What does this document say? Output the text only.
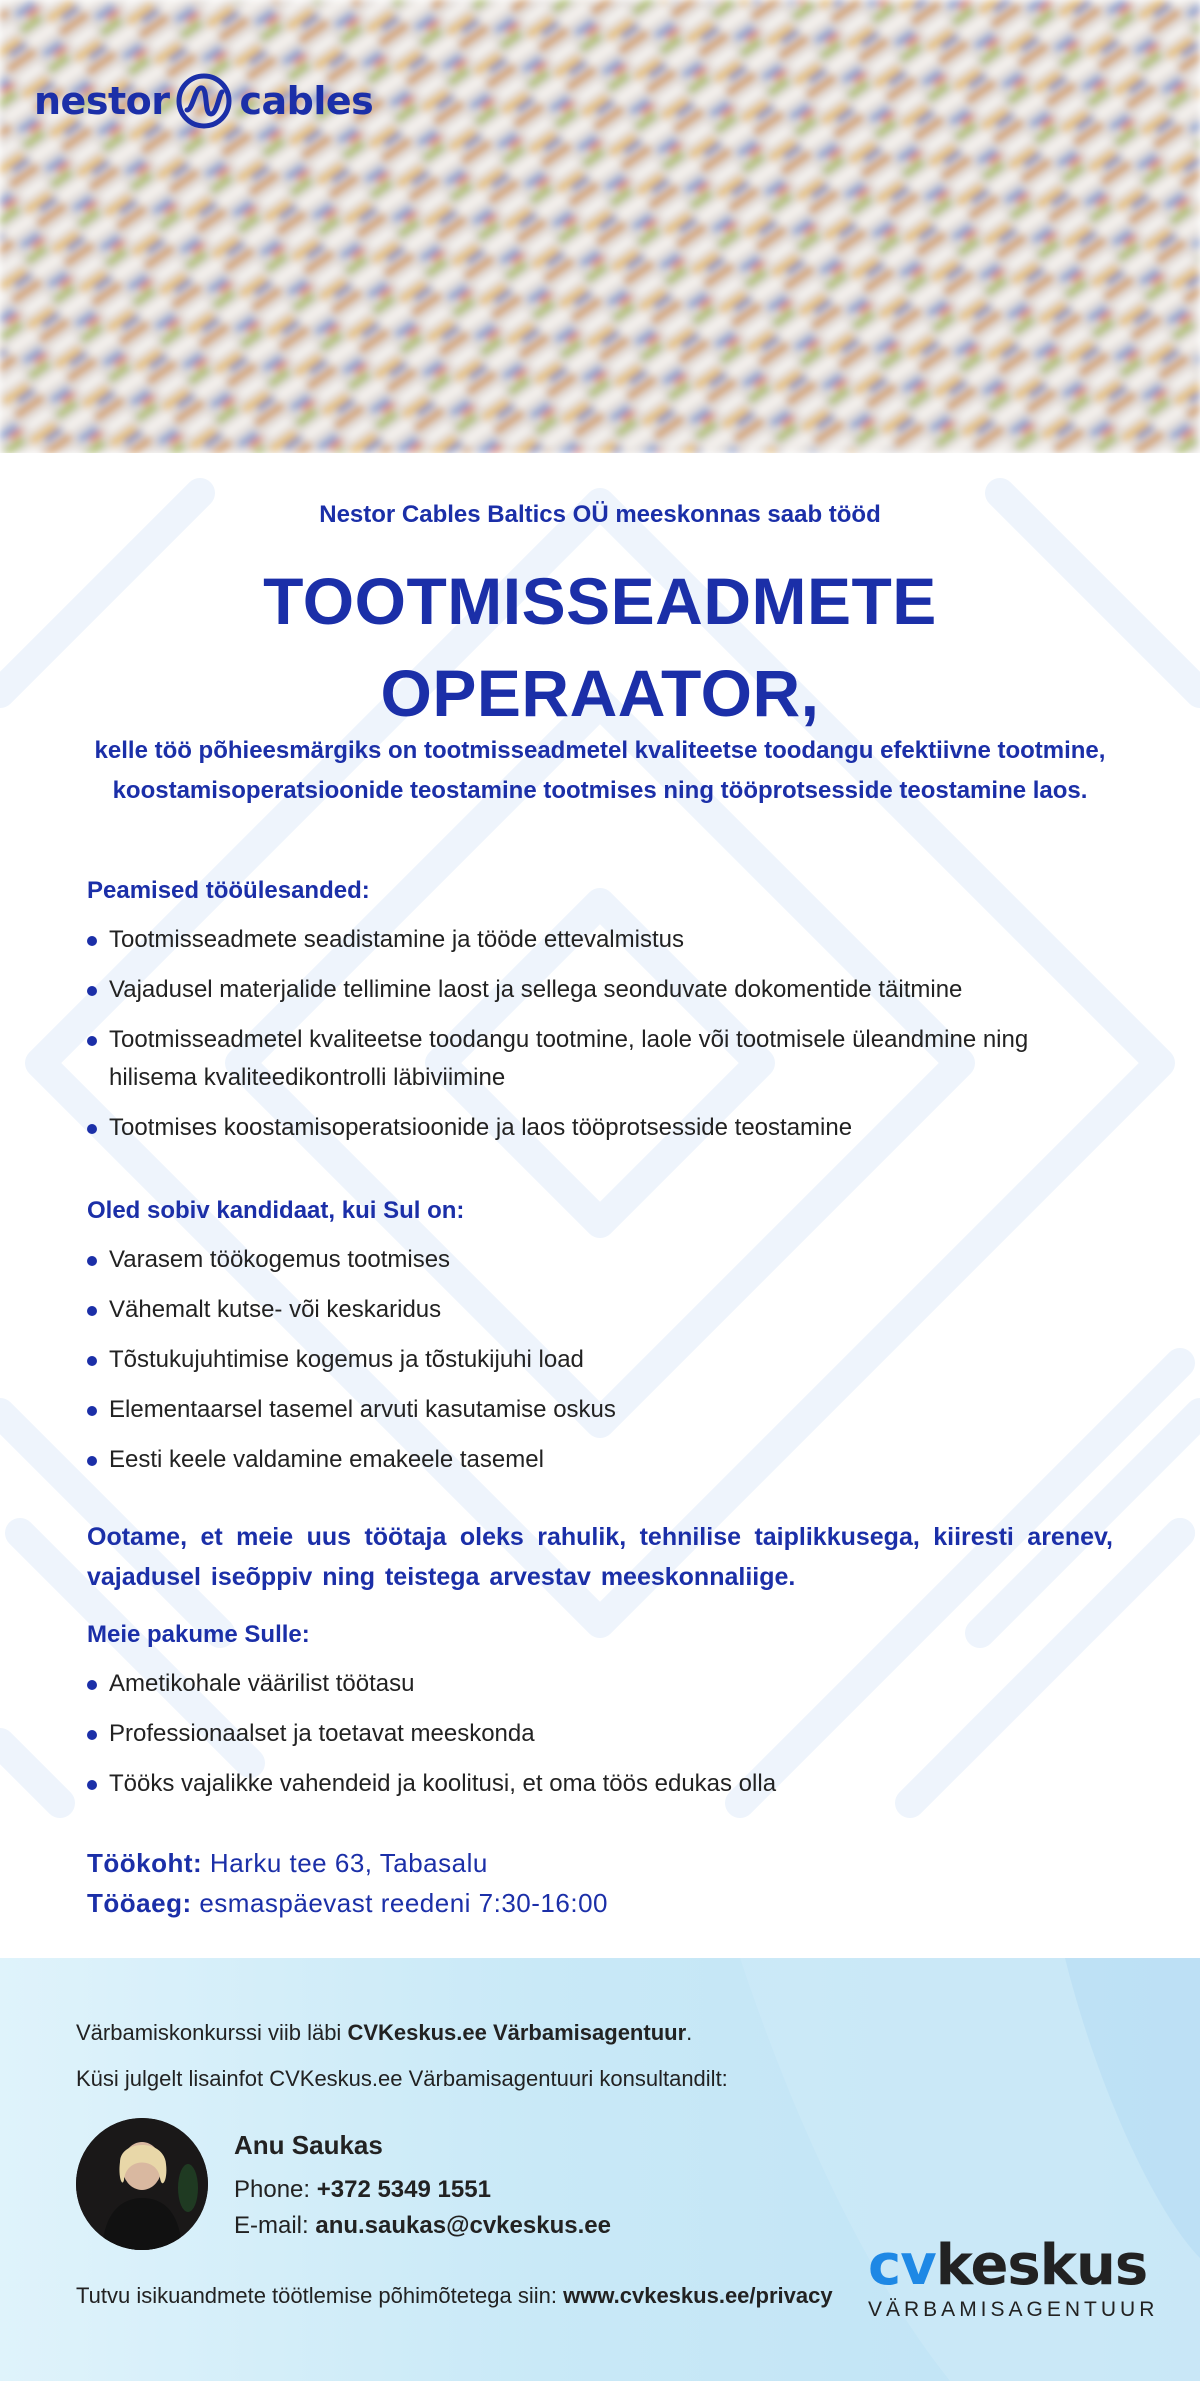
nestor cables
Nestor Cables Baltics OÜ meeskonnas saab tööd
TOOTMISSEADMETE
OPERAATOR,
kelle töö põhieesmärgiks on tootmisseadmetel kvaliteetse toodangu efektiivne tootmine, koostamisoperatsioonide teostamine tootmises ning tööprotsesside teostamine laos.
Peamised tööülesanded:
Tootmisseadmete seadistamine ja tööde ettevalmistus
Vajadusel materjalide tellimine laost ja sellega seonduvate dokomentide täitmine
Tootmisseadmetel kvaliteetse toodangu tootmine, laole või tootmisele üleandmine ning hilisema kvaliteedikontrolli läbiviimine
Tootmises koostamisoperatsioonide ja laos tööprotsesside teostamine
Oled sobiv kandidaat, kui Sul on:
Varasem töökogemus tootmises
Vähemalt kutse- või keskaridus
Tõstukujuhtimise kogemus ja tõstukijuhi load
Elementaarsel tasemel arvuti kasutamise oskus
Eesti keele valdamine emakeele tasemel
Ootame, et meie uus töötaja oleks rahulik, tehnilise taiplikkusega, kiiresti arenev, vajadusel iseõppiv ning teistega arvestav meeskonnaliige.
Meie pakume Sulle:
Ametikohale väärilist töötasu
Professionaalset ja toetavat meeskonda
Tööks vajalikke vahendeid ja koolitusi, et oma töös edukas olla
Töökoht: Harku tee 63, Tabasalu
Tööaeg: esmaspäevast reedeni 7:30-16:00
Värbamiskonkurssi viib läbi CVKeskus.ee Värbamisagentuur.
Küsi julgelt lisainfot CVKeskus.ee Värbamisagentuuri konsultandilt:
Anu Saukas
Phone: +372 5349 1551
E-mail: anu.saukas@cvkeskus.ee
Tutvu isikuandmete töötlemise põhimõtetega siin: www.cvkeskus.ee/privacy cvkeskus
VÄRBAMISAGENTUUR
